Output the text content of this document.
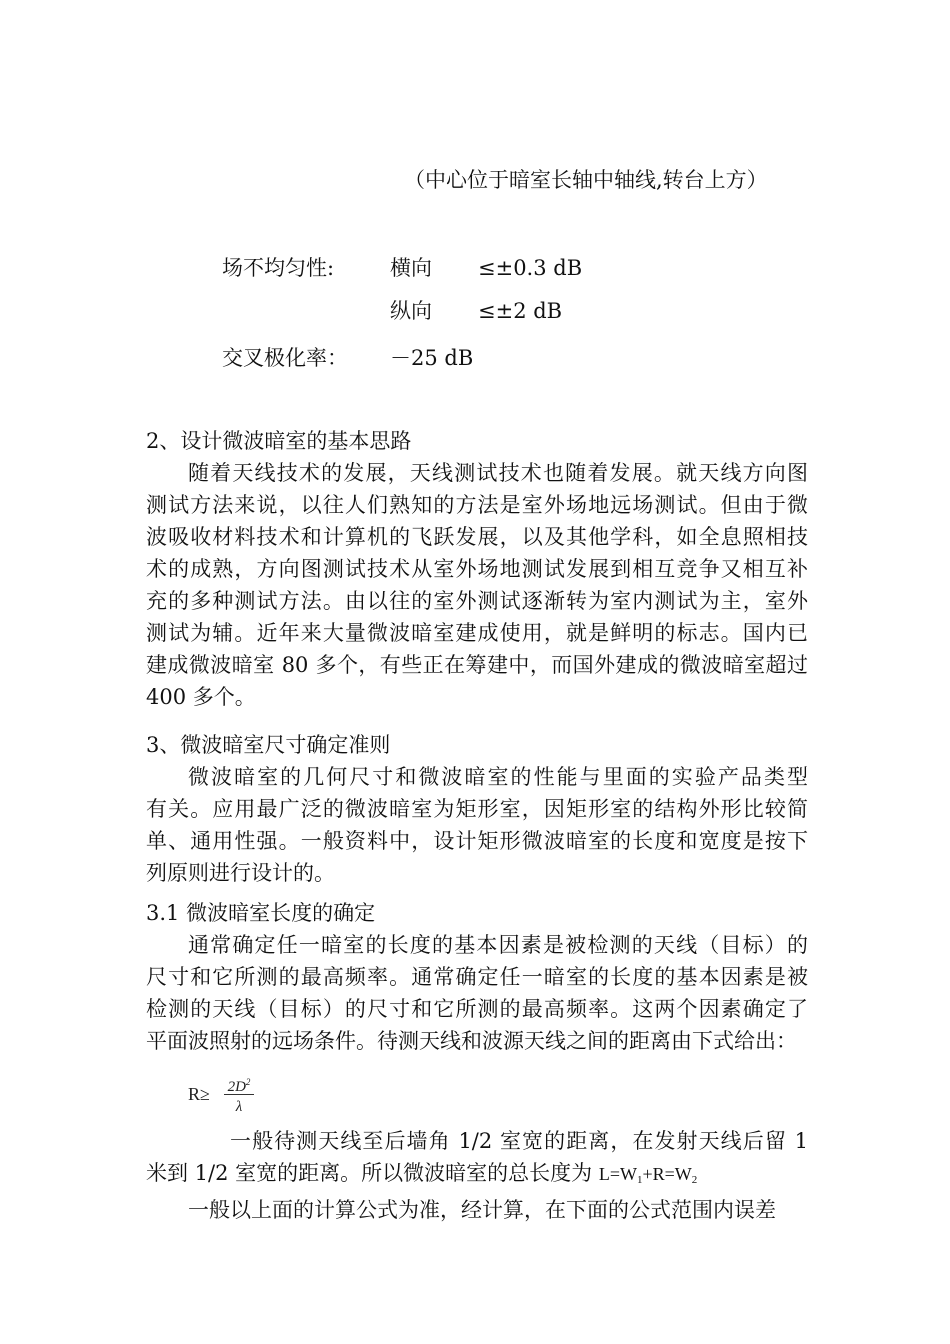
（中心位于暗室长轴中轴线,转台上方）
场不均匀性:	横向 ≤±0.3 dB
纵向 ≤±2 dB
交叉极化率： －25 dB
2、设计微波暗室的基本思路
随着天线技术的发展，天线测试技术也随着发展。就天线方向图
测试方法来说，以往人们熟知的方法是室外场地远场测试。但由于微
波吸收材料技术和计算机的飞跃发展，以及其他学科，如全息照相技
术的成熟，方向图测试技术从室外场地测试发展到相互竞争又相互补
充的多种测试方法。由以往的室外测试逐渐转为室内测试为主，室外
测试为辅。近年来大量微波暗室建成使用，就是鲜明的标志。国内已
建成微波暗室 80 多个，有些正在筹建中，而国外建成的微波暗室超过
400 多个。
3、微波暗室尺寸确定准则
微波暗室的几何尺寸和微波暗室的性能与里面的实验产品类型
有关。应用最广泛的微波暗室为矩形室，因矩形室的结构外形比较简
单、通用性强。一般资料中，设计矩形微波暗室的长度和宽度是按下
列原则进行设计的。
3.1 微波暗室长度的确定
通常确定任一暗室的长度的基本因素是被检测的天线（目标）的
尺寸和它所测的最高频率。通常确定任一暗室的长度的基本因素是被
检测的天线（目标）的尺寸和它所测的最高频率。这两个因素确定了
平面波照射的远场条件。待测天线和波源天线之间的距离由下式给出：
$R\ge 2D^2$
λ
一般待测天线至后墙角 1/2 室宽的距离，在发射天线后留 1
米到 1/2 室宽的距离。所以微波暗室的总长度为 $L=W_1+R=W_2$
一般以上面的计算公式为准，经计算，在下面的公式范围内误差
